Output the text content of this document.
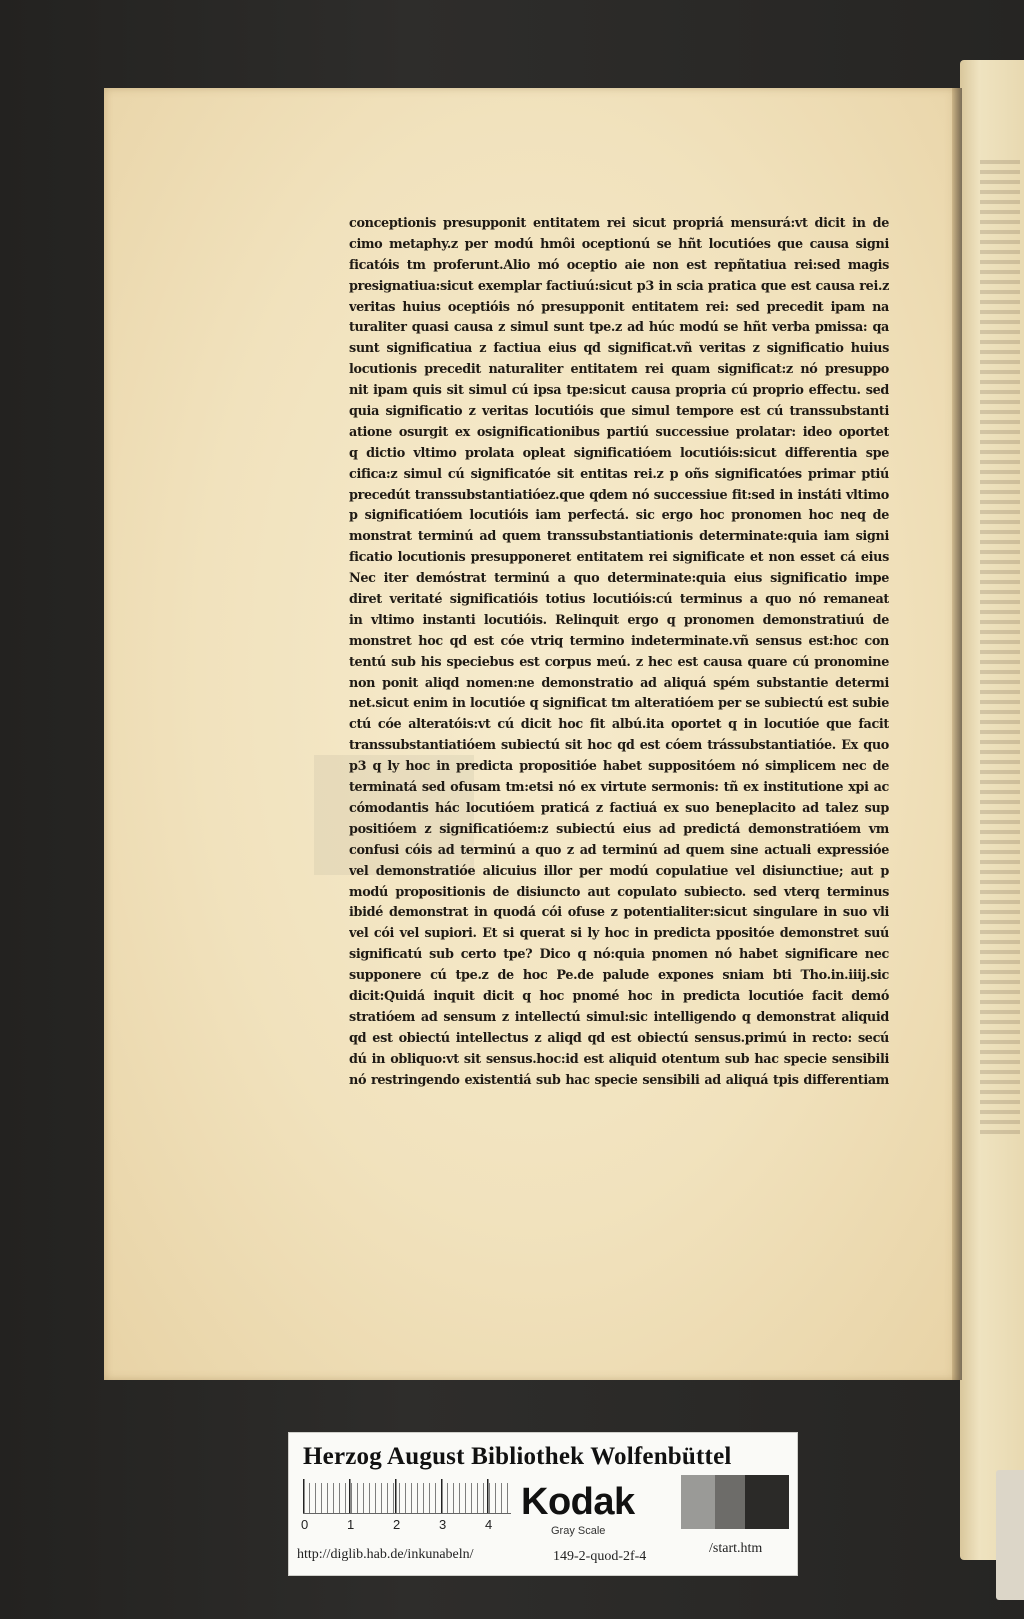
conceptionis presupponit entitatem rei sicut propriá mensurá:vt dicit in de
cimo metaphy.z per modú hmôi oceptionú se hñt locutióes que causa signi
ficatóis tm proferunt.Alio mó oceptio aie non est repñtatiua rei:sed magis
presignatiua:sicut exemplar factiuú:sicut p3 in scia pratica que est causa rei.z
veritas huius oceptióis nó presupponit entitatem rei: sed precedit ipam na
turaliter quasi causa z simul sunt tpe.z ad húc modú se hñt verba pmissa: qa
sunt significatiua z factiua eius qd significat.vñ veritas z significatio huius
locutionis precedit naturaliter entitatem rei quam significat:z nó presuppo
nit ipam quis sit simul cú ipsa tpe:sicut causa propria cú proprio effectu. sed
quia significatio z veritas locutióis que simul tempore est cú transsubstanti
atione osurgit ex osignificationibus partiú successiue prolatar: ideo oportet
q dictio vltimo prolata opleat significatióem locutióis:sicut differentia spe
cifica:z simul cú significatóe sit entitas rei.z p oñs significatóes primar ptiú
precedút transsubstantiatióez.que qdem nó successiue fit:sed in instáti vltimo
p significatióem locutióis iam perfectá. sic ergo hoc pronomen hoc neq de
monstrat terminú ad quem transsubstantiationis determinate:quia iam signi
ficatio locutionis presupponeret entitatem rei significate et non esset cá eius
Nec iter demóstrat terminú a quo determinate:quia eius significatio impe
diret veritaté significatióis totius locutióis:cú terminus a quo nó remaneat
in vltimo instanti locutióis. Relinquit ergo q pronomen demonstratiuú de
monstret hoc qd est cóe vtriq termino indeterminate.vñ sensus est:hoc con
tentú sub his speciebus est corpus meú. z hec est causa quare cú pronomine
non ponit aliqd nomen:ne demonstratio ad aliquá spém substantie determi
net.sicut enim in locutióe q significat tm alteratióem per se subiectú est subie
ctú cóe alteratóis:vt cú dicit hoc fit albú.ita oportet q in locutióe que facit
transsubstantiatióem subiectú sit hoc qd est cóem trássubstantiatióe. Ex quo
p3 q ly hoc in predicta propositióe habet suppositóem nó simplicem nec de
terminatá sed ofusam tm:etsi nó ex virtute sermonis: tñ ex institutione xpi ac
cómodantis hác locutióem praticá z factiuá ex suo beneplacito ad talez sup
positióem z significatióem:z subiectú eius ad predictá demonstratióem vm
confusi cóis ad terminú a quo z ad terminú ad quem sine actuali expressióe
vel demonstratióe alicuius illor per modú copulatiue vel disiunctiue; aut p
modú propositionis de disiuncto aut copulato subiecto. sed vterq terminus
ibidé demonstrat in quodá cói ofuse z potentialiter:sicut singulare in suo vli
vel cói vel supiori. Et si querat si ly hoc in predicta ppositóe demonstret suú
significatú sub certo tpe? Dico q nó:quia pnomen nó habet significare nec
supponere cú tpe.z de hoc Pe.de palude expones sniam bti Tho.in.iiij.sic
dicit:Quidá inquit dicit q hoc pnomé hoc in predicta locutióe facit demó
stratióem ad sensum z intellectú simul:sic intelligendo q demonstrat aliquid
qd est obiectú intellectus z aliqd qd est obiectú sensus.primú in recto: secú
dú in obliquo:vt sit sensus.hoc:id est aliquid otentum sub hac specie sensibili
nó restringendo existentiá sub hac specie sensibili ad aliquá tpis differentiam
Herzog August Bibliothek Wolfenbüttel
0	1	2	3	4
Kodak
Gray Scale
http://diglib.hab.de/inkunabeln/	149-2-quod-2f-4
/start.htm
